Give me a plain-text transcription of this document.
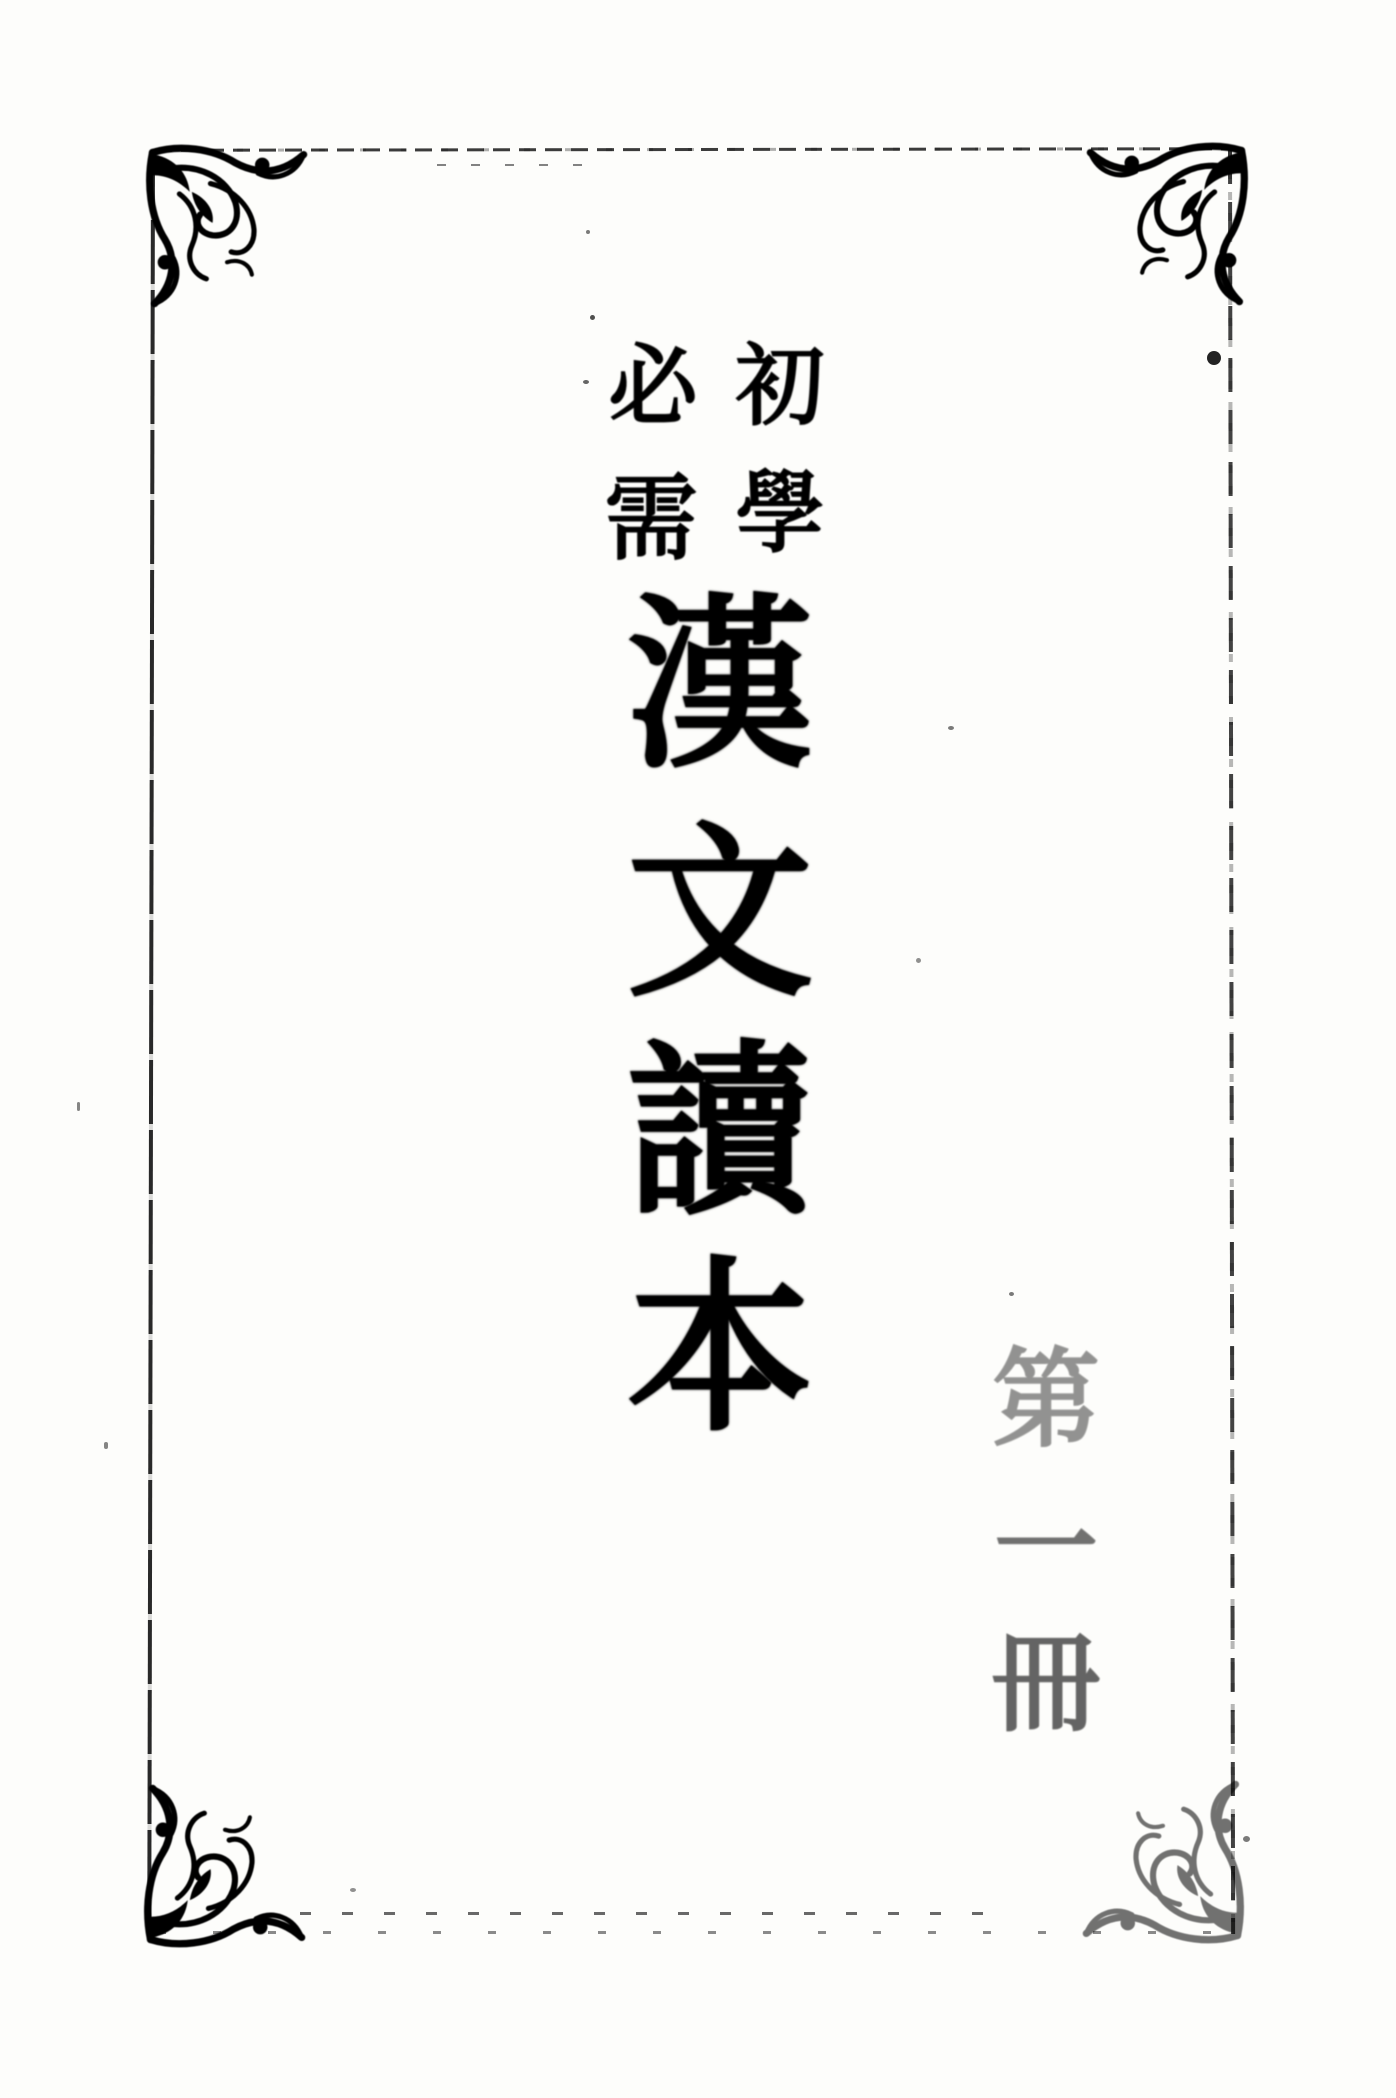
初
學
必
需
漢
文
讀
本 第
一
冊
